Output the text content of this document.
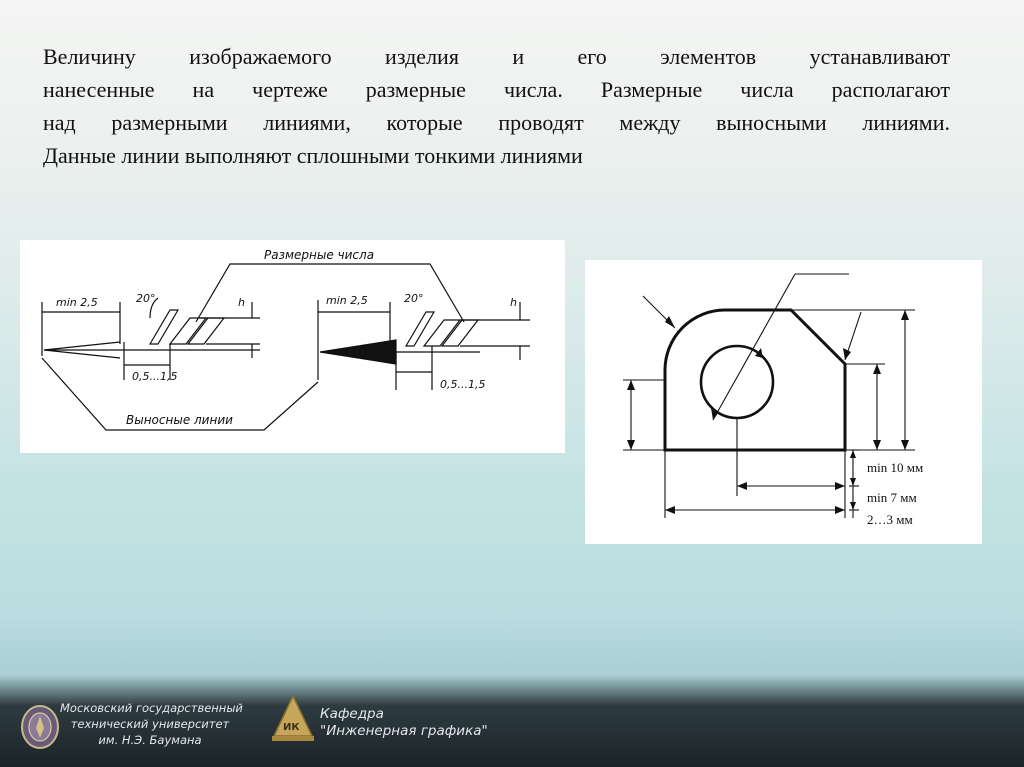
Величину изображаемого изделия и его элементов устанавливают

нанесенные на чертеже размерные числа. Размерные числа располагают

над размерными линиями, которые проводят между выносными линиями.

Данные линии выполняют сплошными тонкими линиями

Размерные числа
Выносные линии
min 2,5	20°	h
0,5...1,5
min 2,5	20°	h
0,5...1,5
min 10 мм
min 7 мм
2…3 мм
Московский государственный
технический университет
им. Н.Э. Баумана
ИК
Кафедра
"Инженерная графика"
